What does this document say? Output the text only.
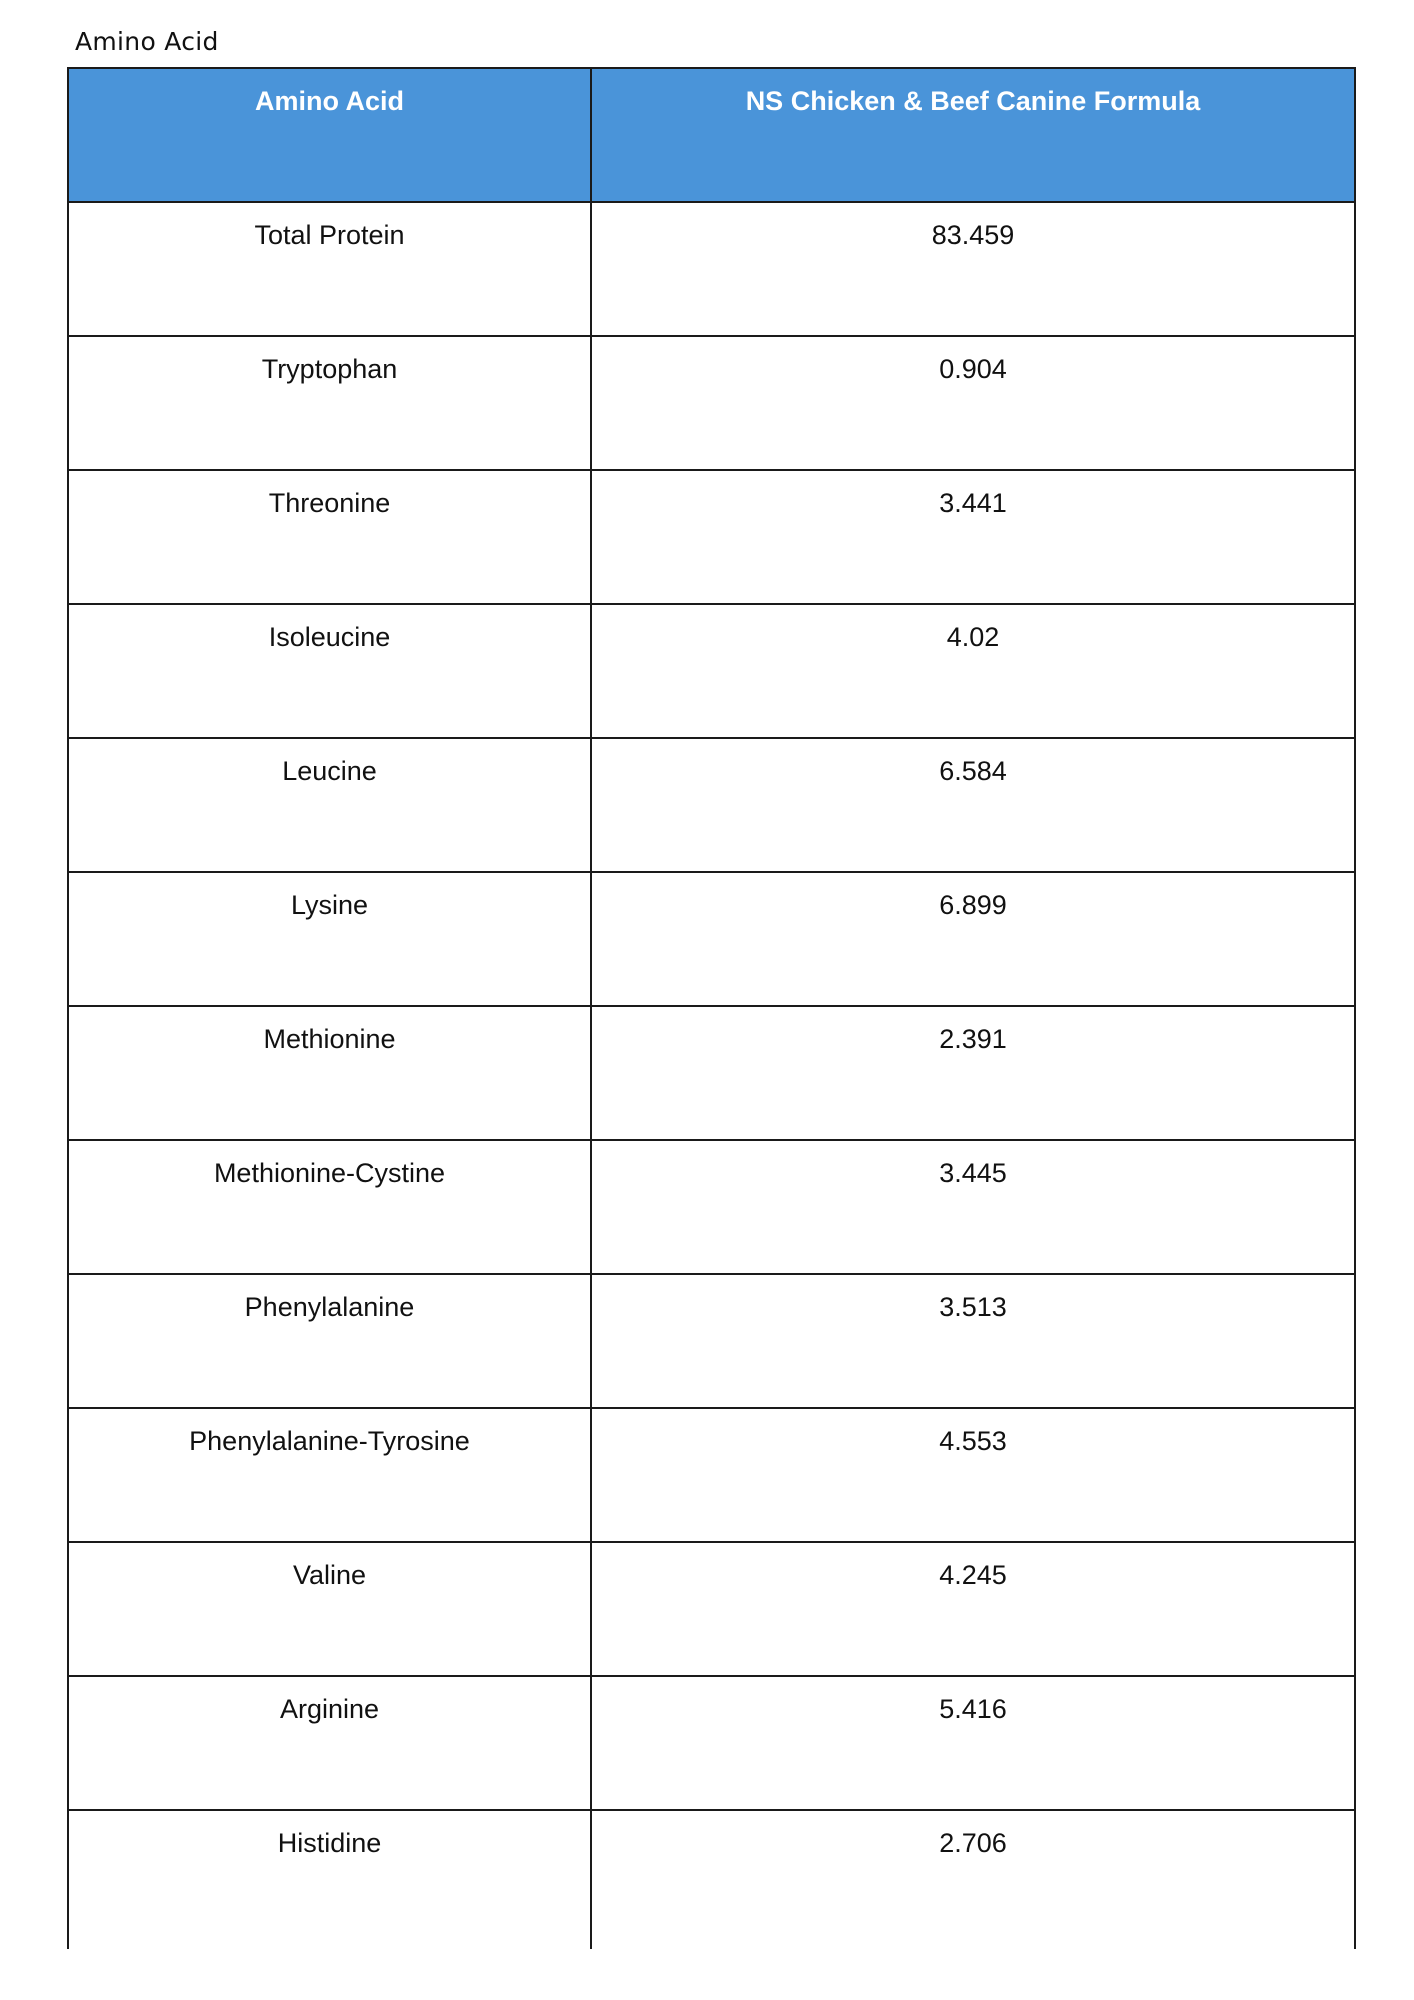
Amino Acid
Amino Acid	NS Chicken & Beef Canine Formula
Total Protein	83.459
Tryptophan	0.904
Threonine	3.441
Isoleucine	4.02
Leucine	6.584
Lysine	6.899
Methionine	2.391
Methionine-Cystine	3.445
Phenylalanine	3.513
Phenylalanine-Tyrosine	4.553
Valine	4.245
Arginine	5.416
Histidine	2.706
